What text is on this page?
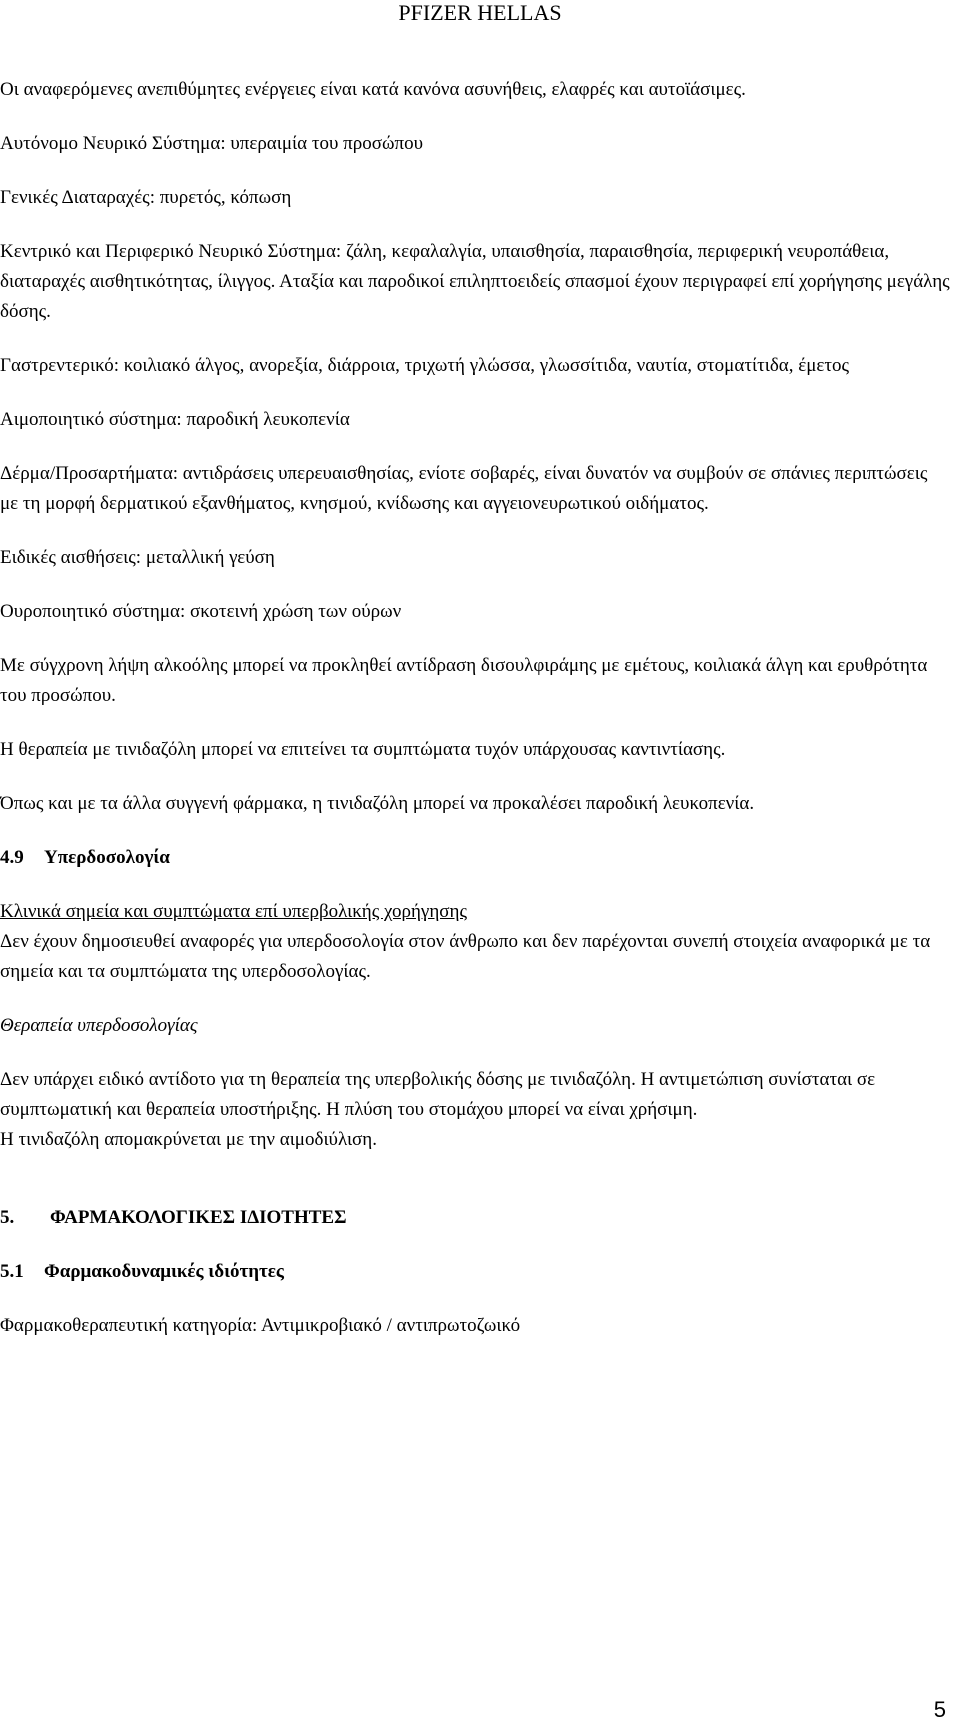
PFIZER HELLAS

Οι αναφερόμενες ανεπιθύμητες ενέργειες είναι κατά κανόνα ασυνήθεις, ελαφρές και αυτοϊάσιμες.

Αυτόνομο Νευρικό Σύστημα: υπεραιμία του προσώπου

Γενικές Διαταραχές: πυρετός, κόπωση

Κεντρικό και Περιφερικό Νευρικό Σύστημα: ζάλη, κεφαλαλγία, υπαισθησία, παραισθησία, περιφερική νευροπάθεια, διαταραχές αισθητικότητας, ίλιγγος. Αταξία και παροδικοί επιληπτοειδείς σπασμοί έχουν περιγραφεί επί χορήγησης μεγάλης δόσης.

Γαστρεντερικό: κοιλιακό άλγος, ανορεξία, διάρροια, τριχωτή γλώσσα, γλωσσίτιδα, ναυτία, στοματίτιδα, έμετος

Αιμοποιητικό σύστημα: παροδική λευκοπενία

Δέρμα/Προσαρτήματα: αντιδράσεις υπερευαισθησίας, ενίοτε σοβαρές, είναι δυνατόν να συμβούν σε σπάνιες περιπτώσεις με τη μορφή δερματικού εξανθήματος, κνησμού, κνίδωσης και αγγειονευρωτικού οιδήματος.

Ειδικές αισθήσεις: μεταλλική γεύση

Ουροποιητικό σύστημα: σκοτεινή χρώση των ούρων

Με σύγχρονη λήψη αλκοόλης μπορεί να προκληθεί αντίδραση δισουλφιράμης με εμέτους, κοιλιακά άλγη και ερυθρότητα του προσώπου.

Η θεραπεία με τινιδαζόλη μπορεί να επιτείνει τα συμπτώματα τυχόν υπάρχουσας καντιντίασης.

Όπως και με τα άλλα συγγενή φάρμακα, η τινιδαζόλη μπορεί να προκαλέσει παροδική λευκοπενία.

4.9 Υπερδοσολογία

Κλινικά σημεία και συμπτώματα επί υπερβολικής χορήγησης

Δεν έχουν δημοσιευθεί αναφορές για υπερδοσολογία στον άνθρωπο και δεν παρέχονται συνεπή στοιχεία αναφορικά με τα σημεία και τα συμπτώματα της υπερδοσολογίας.

Θεραπεία υπερδοσολογίας

Δεν υπάρχει ειδικό αντίδοτο για τη θεραπεία της υπερβολικής δόσης με τινιδαζόλη. Η αντιμετώπιση συνίσταται σε συμπτωματική και θεραπεία υποστήριξης. Η πλύση του στομάχου μπορεί να είναι χρήσιμη.

Η τινιδαζόλη απομακρύνεται με την αιμοδιύλιση.

5. ΦΑΡΜΑΚΟΛΟΓΙΚΕΣ ΙΔΙΟΤΗΤΕΣ
5.1 Φαρμακοδυναμικές ιδιότητες

Φαρμακοθεραπευτική κατηγορία: Αντιμικροβιακό / αντιπρωτοζωικό

5
